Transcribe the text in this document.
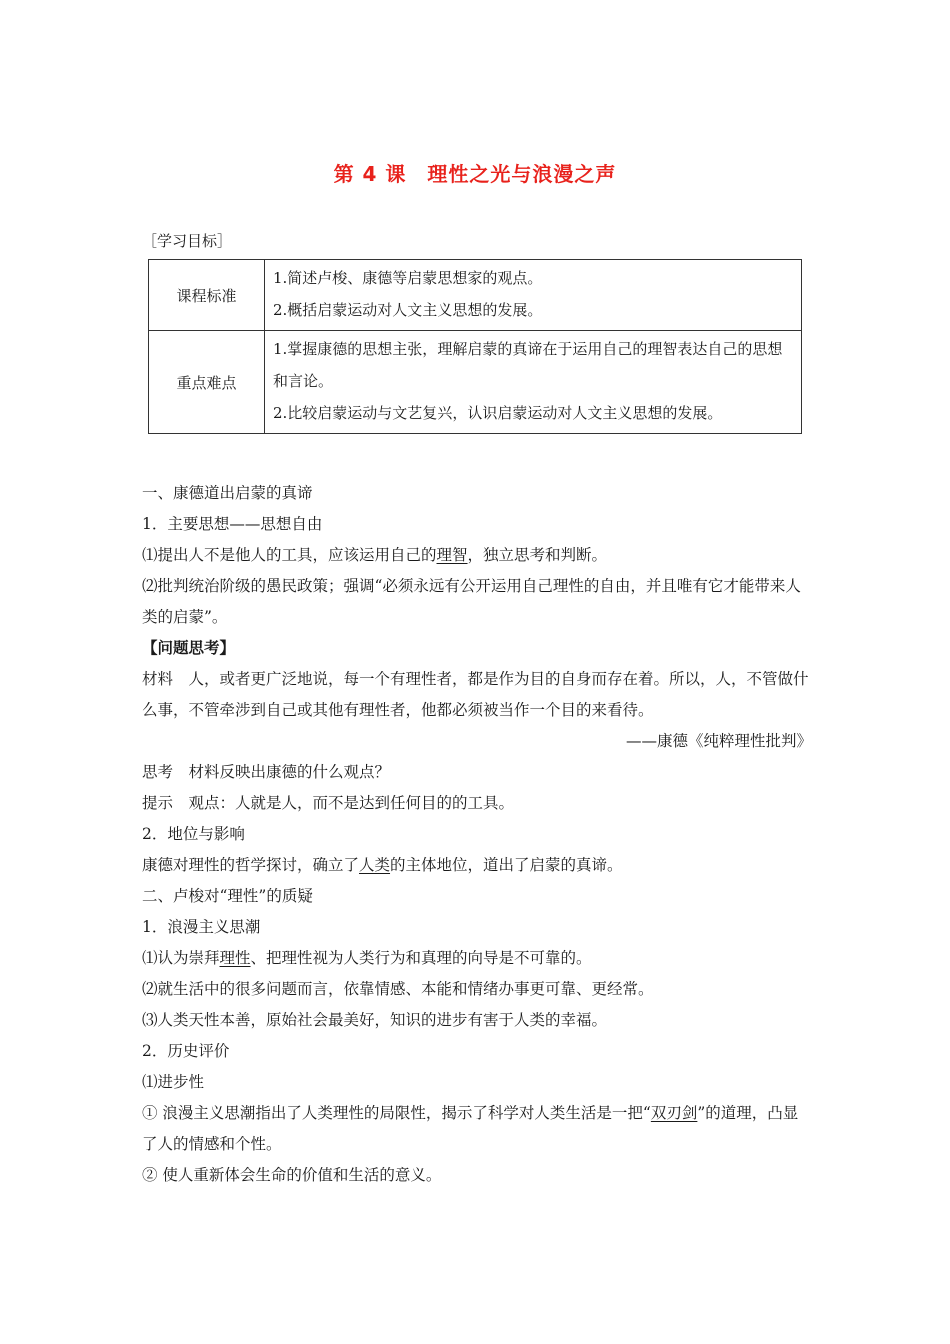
第 4 课　理性之光与浪漫之声
［学习目标］
课程标准	1.简述卢梭、康德等启蒙思想家的观点。
2.概括启蒙运动对人文主义思想的发展。

重点难点	1.掌握康德的思想主张，理解启蒙的真谛在于运用自己的理智表达自己的思想和言论。
2.比较启蒙运动与文艺复兴，认识启蒙运动对人文主义思想的发展。
一、康德道出启蒙的真谛
1．主要思想——思想自由
⑴提出人不是他人的工具，应该运用自己的理智，独立思考和判断。
⑵批判统治阶级的愚民政策；强调“必须永远有公开运用自己理性的自由，并且唯有它才能带来人类的启蒙”。
【问题思考】
材料　人，或者更广泛地说，每一个有理性者，都是作为目的自身而存在着。所以，人，不管做什么事，不管牵涉到自己或其他有理性者，他都必须被当作一个目的来看待。
——康德《纯粹理性批判》
思考　材料反映出康德的什么观点？
提示　观点：人就是人，而不是达到任何目的的工具。
2．地位与影响
康德对理性的哲学探讨，确立了人类的主体地位，道出了启蒙的真谛。
二、卢梭对“理性”的质疑
1．浪漫主义思潮
⑴认为崇拜理性、把理性视为人类行为和真理的向导是不可靠的。
⑵就生活中的很多问题而言，依靠情感、本能和情绪办事更可靠、更经常。
⑶人类天性本善，原始社会最美好，知识的进步有害于人类的幸福。
2．历史评价
⑴进步性
① 浪漫主义思潮指出了人类理性的局限性，揭示了科学对人类生活是一把“双刃剑”的道理，凸显了人的情感和个性。
② 使人重新体会生命的价值和生活的意义。
